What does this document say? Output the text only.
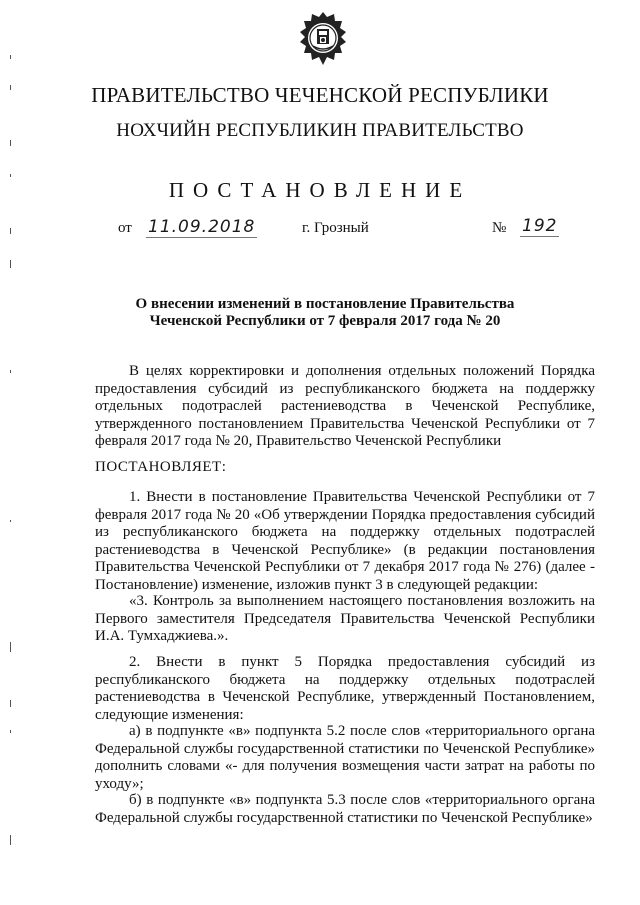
ПРАВИТЕЛЬСТВО ЧЕЧЕНСКОЙ РЕСПУБЛИКИ
НОХЧИЙН РЕСПУБЛИКИН ПРАВИТЕЛЬСТВО
ПОСТАНОВЛЕНИЕ
от 11.09.2018	г. Грозный	№ 192
О внесении изменений в постановление Правительства
Чеченской Республики от 7 февраля 2017 года № 20
В целях корректировки и дополнения отдельных положений Порядка предоставления субсидий из республиканского бюджета на поддержку отдельных подотраслей растениеводства в Чеченской Республике, утвержденного постановлением Правительства Чеченской Республики от 7 февраля 2017 года № 20, Правительство Чеченской Республики
ПОСТАНОВЛЯЕТ:
1. Внести в постановление Правительства Чеченской Республики от 7 февраля 2017 года № 20 «Об утверждении Порядка предоставления субсидий из республиканского бюджета на поддержку отдельных подотраслей растениеводства в Чеченской Республике» (в редакции постановления Правительства Чеченской Республики от 7 декабря 2017 года № 276) (далее - Постановление) изменение, изложив пункт 3 в следующей редакции:
«3. Контроль за выполнением настоящего постановления возложить на Первого заместителя Председателя Правительства Чеченской Республики И.А. Тумхаджиева.».
2. Внести в пункт 5 Порядка предоставления субсидий из республиканского бюджета на поддержку отдельных подотраслей растениеводства в Чеченской Республике, утвержденный Постановлением, следующие изменения:
а) в подпункте «в» подпункта 5.2 после слов «территориального органа Федеральной службы государственной статистики по Чеченской Республике» дополнить словами «- для получения возмещения части затрат на работы по уходу»;
б) в подпункте «в» подпункта 5.3 после слов «территориального органа Федеральной службы государственной статистики по Чеченской Республике»
